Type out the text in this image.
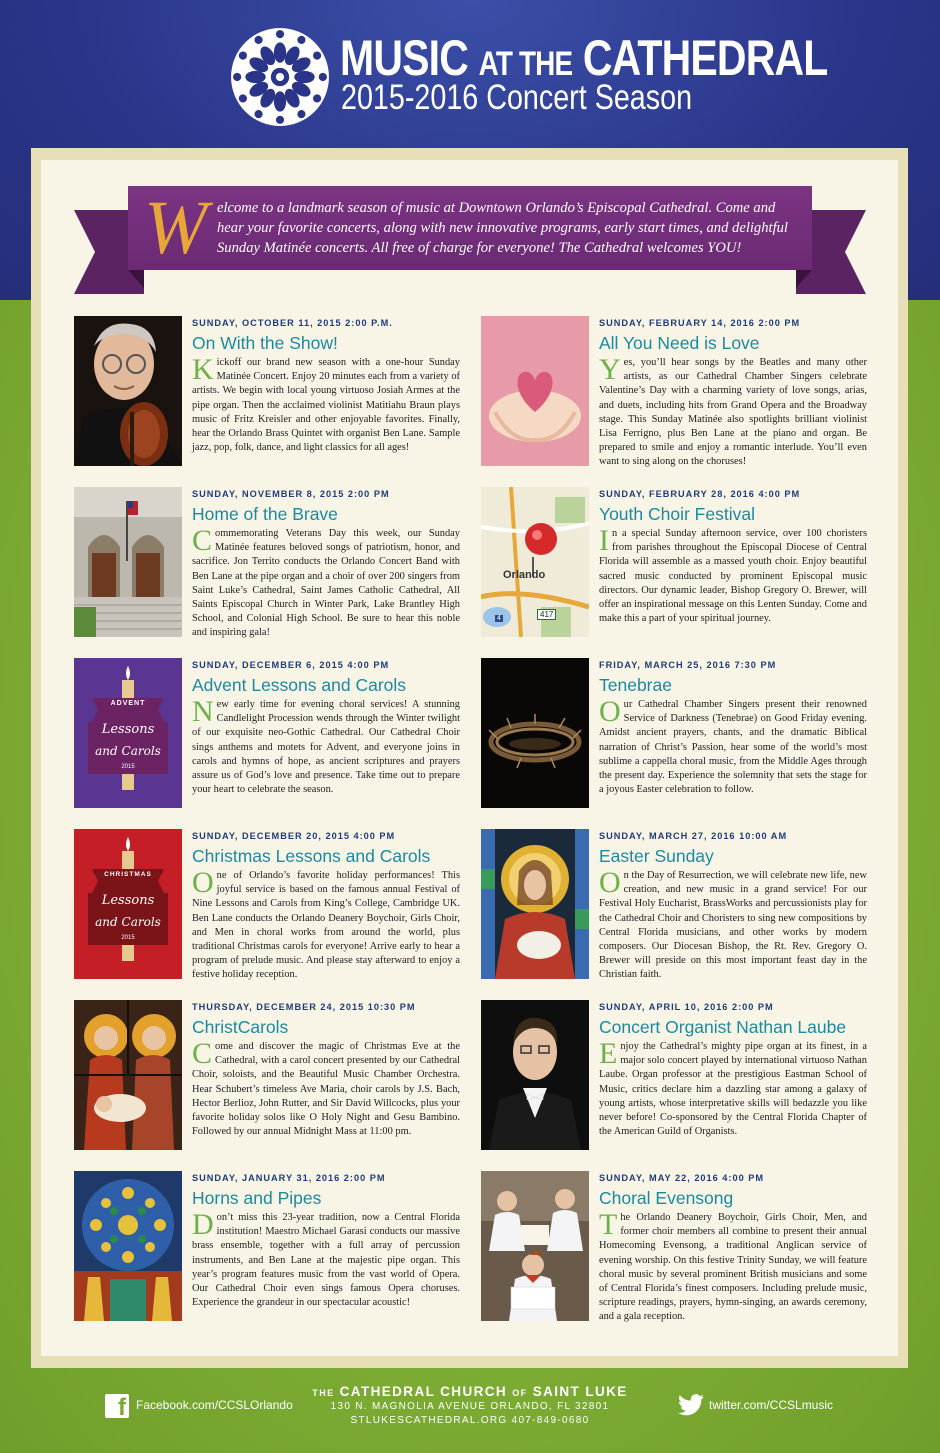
MUSIC AT THE CATHEDRAL
2015-2016 Concert Season
W elcome to a landmark season of music at Downtown Orlando’s Episcopal Cathedral. Come and hear your favorite concerts, along with new innovative programs, early start times, and delightful Sunday Matinée concerts. All free of charge for everyone! The Cathedral welcomes YOU!
SUNDAY, OCTOBER 11, 2015 2:00 P.M.
On With the Show!
Kickoff our brand new season with a one-hour Sunday Matinée Concert. Enjoy 20 minutes each from a variety of artists. We begin with local young virtuoso Josiah Armes at the pipe organ. Then the acclaimed violinist Matitiahu Braun plays music of Fritz Kreisler and other enjoyable favorites. Finally, hear the Orlando Brass Quintet with organist Ben Lane. Sample jazz, pop, folk, dance, and light classics for all ages!
SUNDAY, NOVEMBER 8, 2015 2:00 PM
Home of the Brave
Commemorating Veterans Day this week, our Sunday Matinée features beloved songs of patriotism, honor, and sacrifice. Jon Territo conducts the Orlando Concert Band with Ben Lane at the pipe organ and a choir of over 200 singers from Saint Luke’s Cathedral, Saint James Catholic Cathedral, All Saints Episcopal Church in Winter Park, Lake Brantley High School, and Colonial High School. Be sure to hear this noble and inspiring gala!
ADVENT
Lessons
and Carols
2015
SUNDAY, DECEMBER 6, 2015 4:00 PM
Advent Lessons and Carols
New early time for evening choral services! A stunning Candlelight Procession wends through the Winter twilight of our exquisite neo-Gothic Cathedral. Our Cathedral Choir sings anthems and motets for Advent, and everyone joins in carols and hymns of hope, as ancient scriptures and prayers assure us of God’s love and presence. Take time out to prepare your heart to celebrate the season.
CHRISTMAS
Lessons
and Carols
2015
SUNDAY, DECEMBER 20, 2015 4:00 PM
Christmas Lessons and Carols
One of Orlando’s favorite holiday performances! This joyful service is based on the famous annual Festival of Nine Lessons and Carols from King’s College, Cambridge UK. Ben Lane conducts the Orlando Deanery Boychoir, Girls Choir, and Men in choral works from around the world, plus traditional Christmas carols for everyone! Arrive early to hear a program of prelude music. And please stay afterward to enjoy a festive holiday reception.
THURSDAY, DECEMBER 24, 2015 10:30 PM
ChristCarols
Come and discover the magic of Christmas Eve at the Cathedral, with a carol concert presented by our Cathedral Choir, soloists, and the Beautiful Music Chamber Orchestra. Hear Schubert’s timeless Ave Maria, choir carols by J.S. Bach, Hector Berlioz, John Rutter, and Sir David Willcocks, plus your favorite holiday solos like O Holy Night and Gesu Bambino. Followed by our annual Midnight Mass at 11:00 pm.
SUNDAY, JANUARY 31, 2016 2:00 PM
Horns and Pipes
Don’t miss this 23-year tradition, now a Central Florida institution! Maestro Michael Garasi conducts our massive brass ensemble, together with a full array of percussion instruments, and Ben Lane at the majestic pipe organ. This year’s program features music from the vast world of Opera. Our Cathedral Choir even sings famous Opera choruses. Experience the grandeur in our spectacular acoustic!
SUNDAY, FEBRUARY 14, 2016 2:00 PM
All You Need is Love
Yes, you’ll hear songs by the Beatles and many other artists, as our Cathedral Chamber Singers celebrate Valentine’s Day with a charming variety of love songs, arias, and duets, including hits from Grand Opera and the Broadway stage. This Sunday Matinée also spotlights brilliant violinist Lisa Ferrigno, plus Ben Lane at the piano and organ. Be prepared to smile and enjoy a romantic interlude. You’ll even want to sing along on the choruses!
Orlando
417
4
SUNDAY, FEBRUARY 28, 2016 4:00 PM
Youth Choir Festival
In a special Sunday afternoon service, over 100 choristers from parishes throughout the Episcopal Diocese of Central Florida will assemble as a massed youth choir. Enjoy beautiful sacred music conducted by prominent Episcopal music directors. Our dynamic leader, Bishop Gregory O. Brewer, will offer an inspirational message on this Lenten Sunday. Come and make this a part of your spiritual journey.
FRIDAY, MARCH 25, 2016 7:30 PM
Tenebrae
Our Cathedral Chamber Singers present their renowned Service of Darkness (Tenebrae) on Good Friday evening. Amidst ancient prayers, chants, and the dramatic Biblical narration of Christ’s Passion, hear some of the world’s most sublime a cappella choral music, from the Middle Ages through the present day. Experience the solemnity that sets the stage for a joyous Easter celebration to follow.
SUNDAY, MARCH 27, 2016 10:00 AM
Easter Sunday
On the Day of Resurrection, we will celebrate new life, new creation, and new music in a grand service! For our Festival Holy Eucharist, BrassWorks and percussionists play for the Cathedral Choir and Choristers to sing new compositions by Central Florida musicians, and other works by modern composers. Our Diocesan Bishop, the Rt. Rev. Gregory O. Brewer will preside on this most important feast day in the Christian faith.
SUNDAY, APRIL 10, 2016 2:00 PM
Concert Organist Nathan Laube
Enjoy the Cathedral’s mighty pipe organ at its finest, in a major solo concert played by international virtuoso Nathan Laube. Organ professor at the prestigious Eastman School of Music, critics declare him a dazzling star among a galaxy of young artists, whose interpretative skills will bedazzle you like never before! Co-sponsored by the Central Florida Chapter of the American Guild of Organists.
SUNDAY, MAY 22, 2016 4:00 PM
Choral Evensong
The Orlando Deanery Boychoir, Girls Choir, Men, and former choir members all combine to present their annual Homecoming Evensong, a traditional Anglican service of evening worship. On this festive Trinity Sunday, we will feature choral music by several prominent British musicians and some of Central Florida’s finest composers. Including prelude music, scripture readings, prayers, hymn-singing, an awards ceremony, and a gala reception.
f Facebook.com/CCSLOrlando
THE CATHEDRAL CHURCH OF SAINT LUKE
130 N. MAGNOLIA AVENUE ORLANDO, FL 32801
STLUKESCATHEDRAL.ORG 407-849-0680
twitter.com/CCSLmusic
